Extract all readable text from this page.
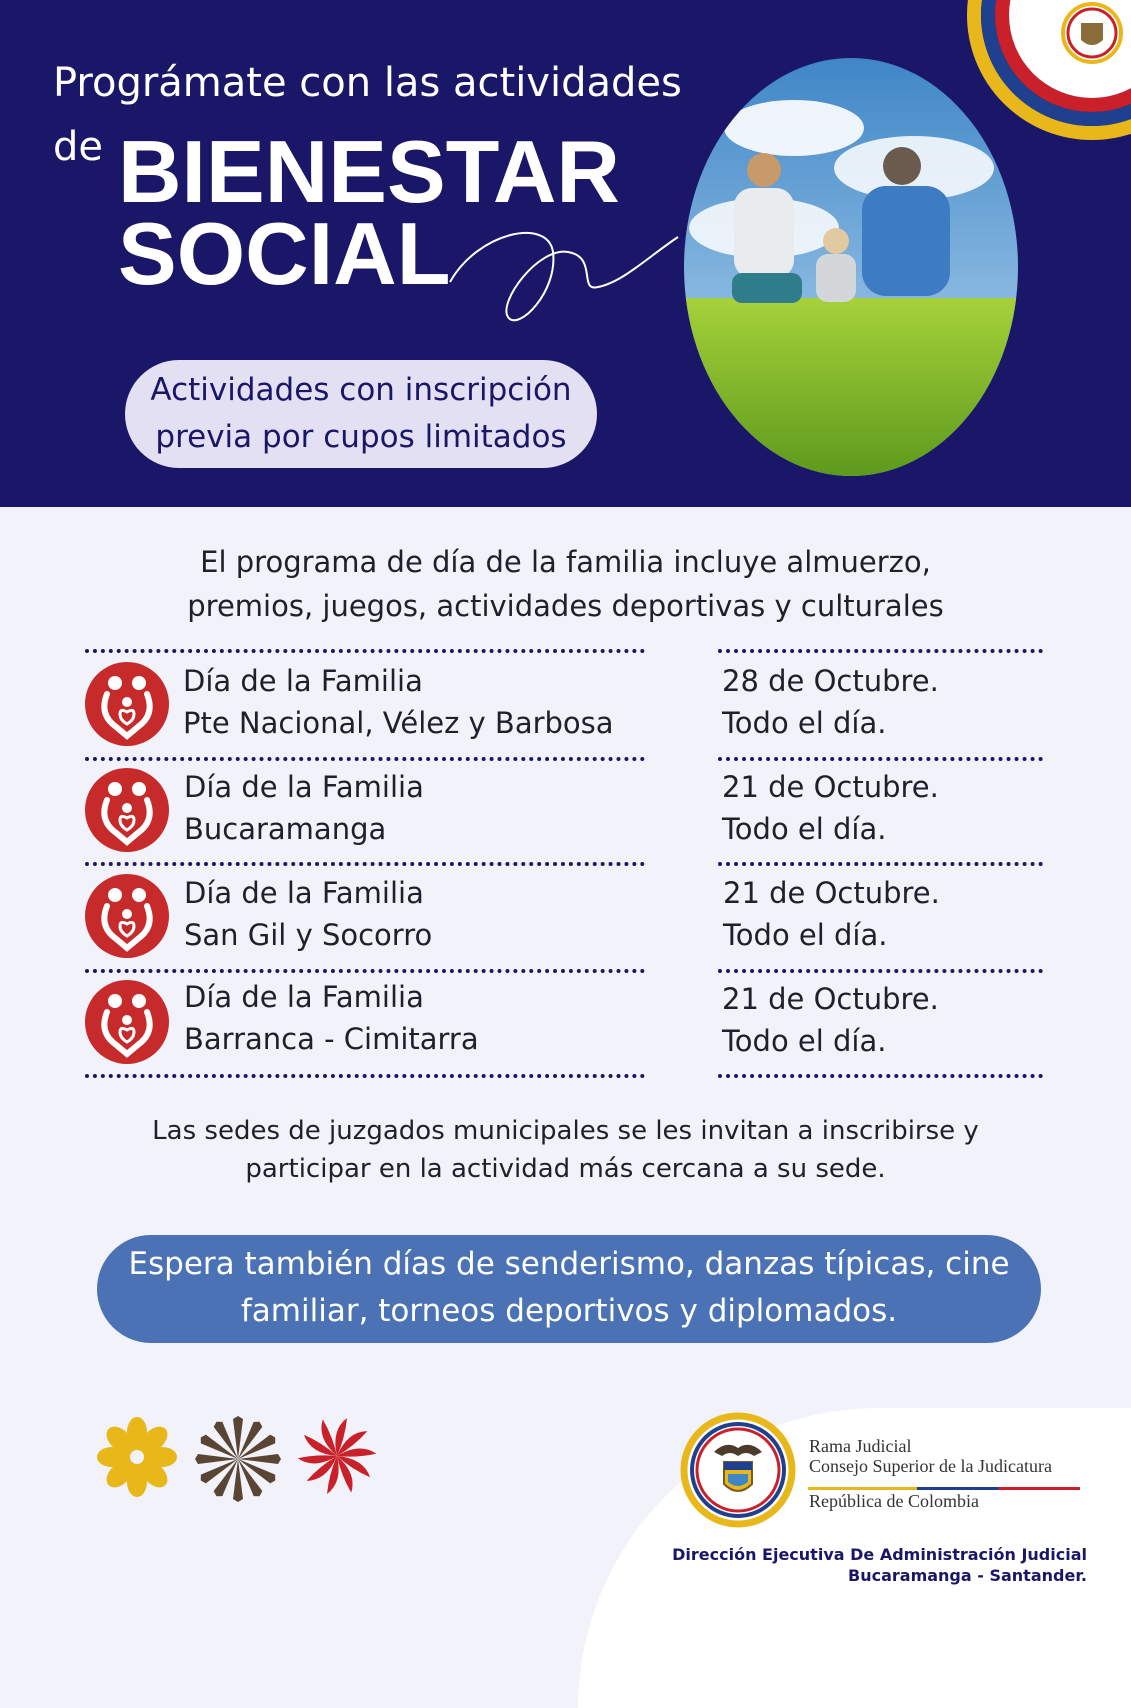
Prográmate con las actividades
de BIENESTAR
SOCIAL
Actividades con inscripción
previa por cupos limitados
El programa de día de la familia incluye almuerzo,
premios, juegos, actividades deportivas y culturales
Día de la Familia
Pte Nacional, Vélez y Barbosa
28 de Octubre.
Todo el día.
Día de la Familia
Bucaramanga
21 de Octubre.
Todo el día.
Día de la Familia
San Gil y Socorro
21 de Octubre.
Todo el día.
Día de la Familia
Barranca - Cimitarra
21 de Octubre.
Todo el día.
Las sedes de juzgados municipales se les invitan a inscribirse y
participar en la actividad más cercana a su sede.
Espera también días de senderismo, danzas típicas, cine
familiar, torneos deportivos y diplomados.
Rama Judicial
Consejo Superior de la Judicatura
República de Colombia
Dirección Ejecutiva De Administración Judicial
Bucaramanga - Santander.
